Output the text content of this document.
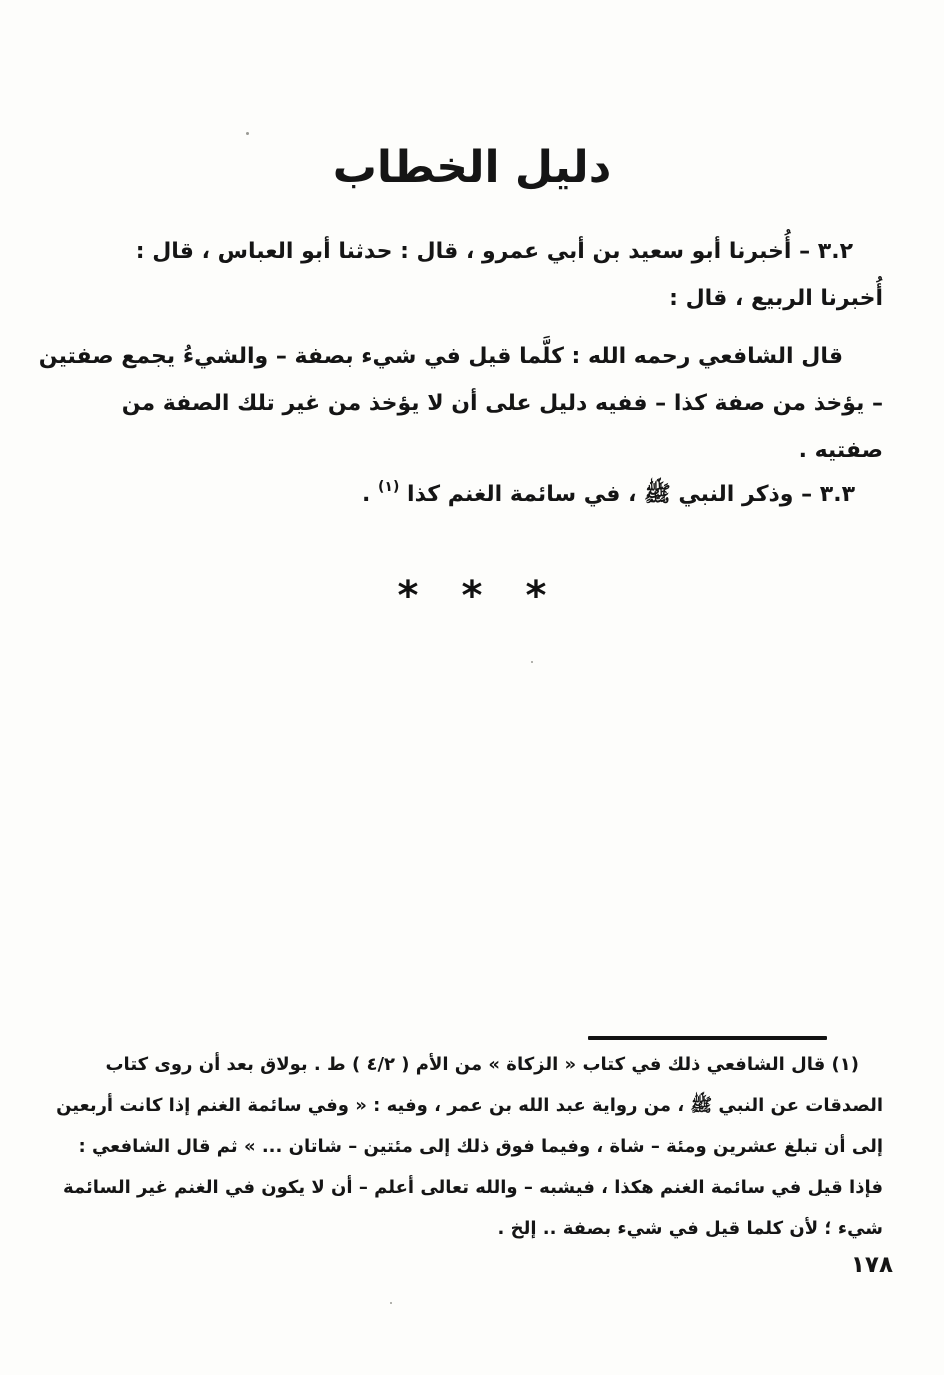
دليل الخطاب
٣.٢ – أُخبرنا أبو سعيد بن أبي عمرو ، قال : حدثنا أبو العباس ، قال :
أُخبرنا الربيع ، قال :
قال الشافعي رحمه الله : كلَّما قيل في شيء بصفة – والشيءُ يجمع صفتين
– يؤخذ من صفة كذا – ففيه دليل على أن لا يؤخذ من غير تلك الصفة من
صفتيه .
٣.٣ – وذكر النبي ﷺ ، في سائمة الغنم كذا $^{(١)}$ .
(١) قال الشافعي ذلك في كتاب « الزكاة » من الأم ( ٤/٢ ) ط . بولاق بعد أن روى كتاب
الصدقات عن النبي ﷺ ، من رواية عبد الله بن عمر ، وفيه : « وفي سائمة الغنم إذا كانت أربعين
إلى أن تبلغ عشرين ومئة – شاة ، وفيما فوق ذلك إلى مئتين – شاتان ... » ثم قال الشافعي :
فإذا قيل في سائمة الغنم هكذا ، فيشبه – والله تعالى أعلم – أن لا يكون في الغنم غير السائمة
شيء ؛ لأن كلما قيل في شيء بصفة .. إلخ .
* * *
١٧٨
